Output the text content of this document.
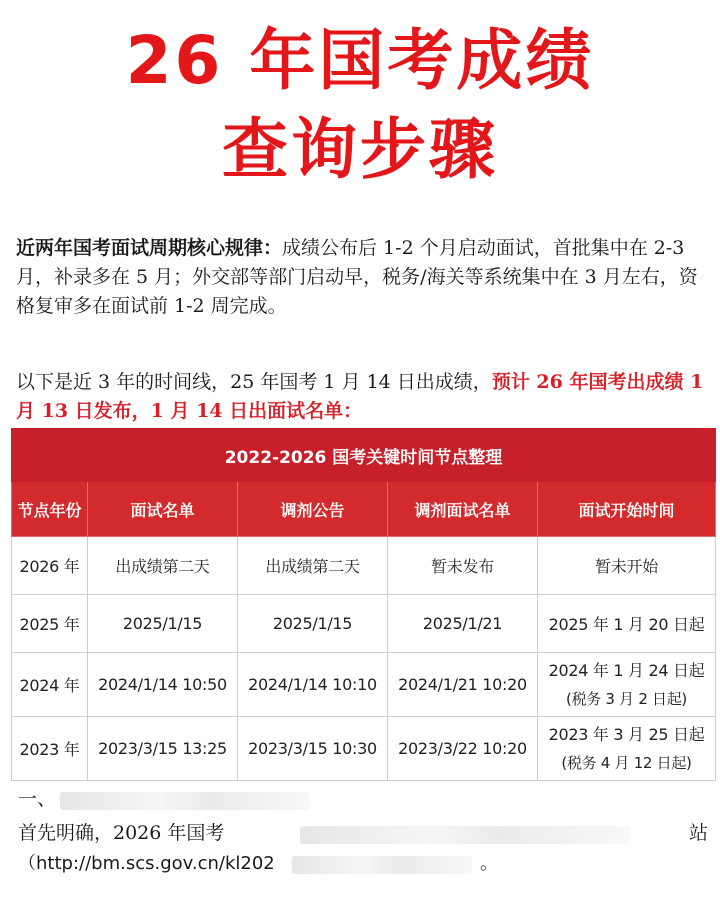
26 年国考成绩
查询步骤
近两年国考面试周期核心规律：成绩公布后 1-2 个月启动面试，首批集中在 2-3 月，补录多在 5 月；外交部等部门启动早，税务/海关等系统集中在 3 月左右，资格复审多在面试前 1-2 周完成。
以下是近 3 年的时间线，25 年国考 1 月 14 日出成绩，预计 26 年国考出成绩 1 月 13 日发布，1 月 14 日出面试名单：
2022-2026 国考关键时间节点整理				
节点年份	面试名单	调剂公告	调剂面试名单	面试开始时间
2026 年	出成绩第二天	出成绩第二天	暂未发布	暂未开始
2025 年	2025/1/15	2025/1/15	2025/1/21	2025 年 1 月 20 日起
2024 年	2024/1/14 10:50	2024/1/14 10:10	2024/1/21 10:20	2024 年 1 月 24 日起
(税务 3 月 2 日起)

2023 年	2023/3/15 13:25	2023/3/15 10:30	2023/3/22 10:20	2023 年 3 月 25 日起
(税务 4 月 12 日起)
一、
首先明确，2026 年国考	站
（http://bm.scs.gov.cn/kl202	。
